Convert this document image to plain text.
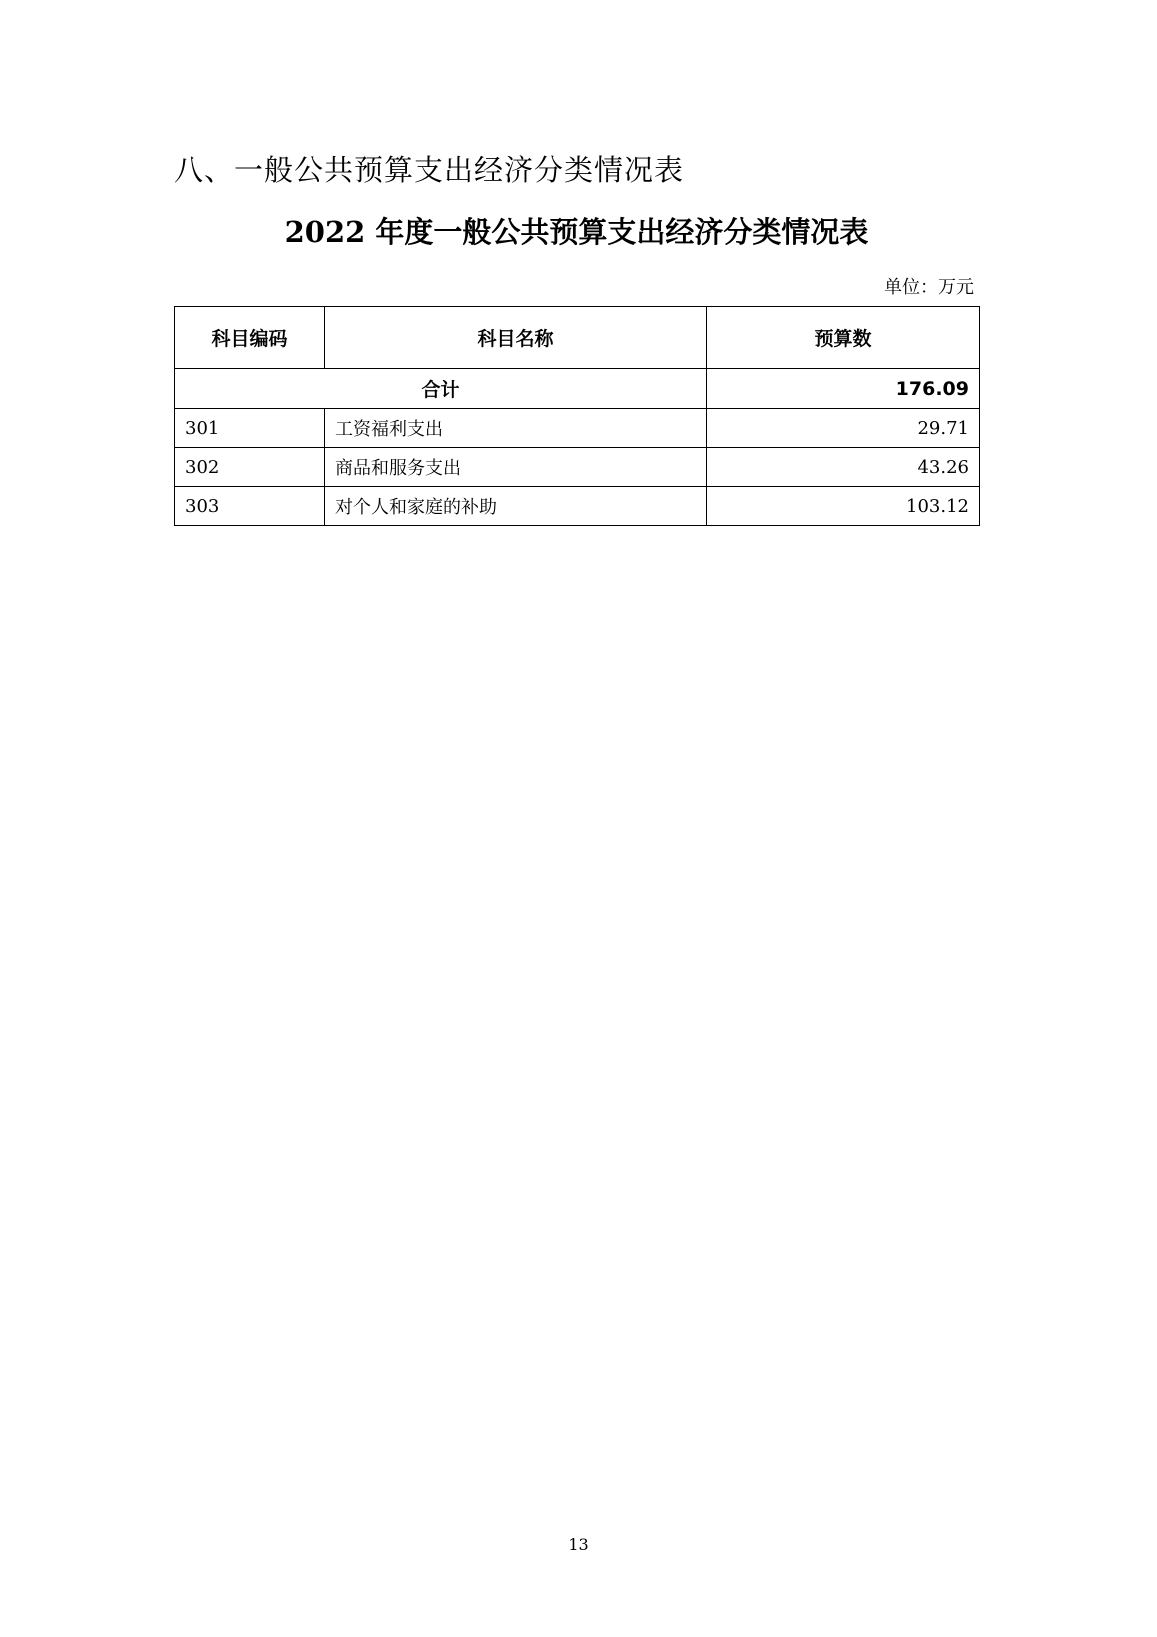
八、一般公共预算支出经济分类情况表
2022 年度一般公共预算支出经济分类情况表
单位：万元
科目编码	科目名称	预算数
合计		176.09
301	工资福利支出	29.71
302	商品和服务支出	43.26
303	对个人和家庭的补助	103.12
13
